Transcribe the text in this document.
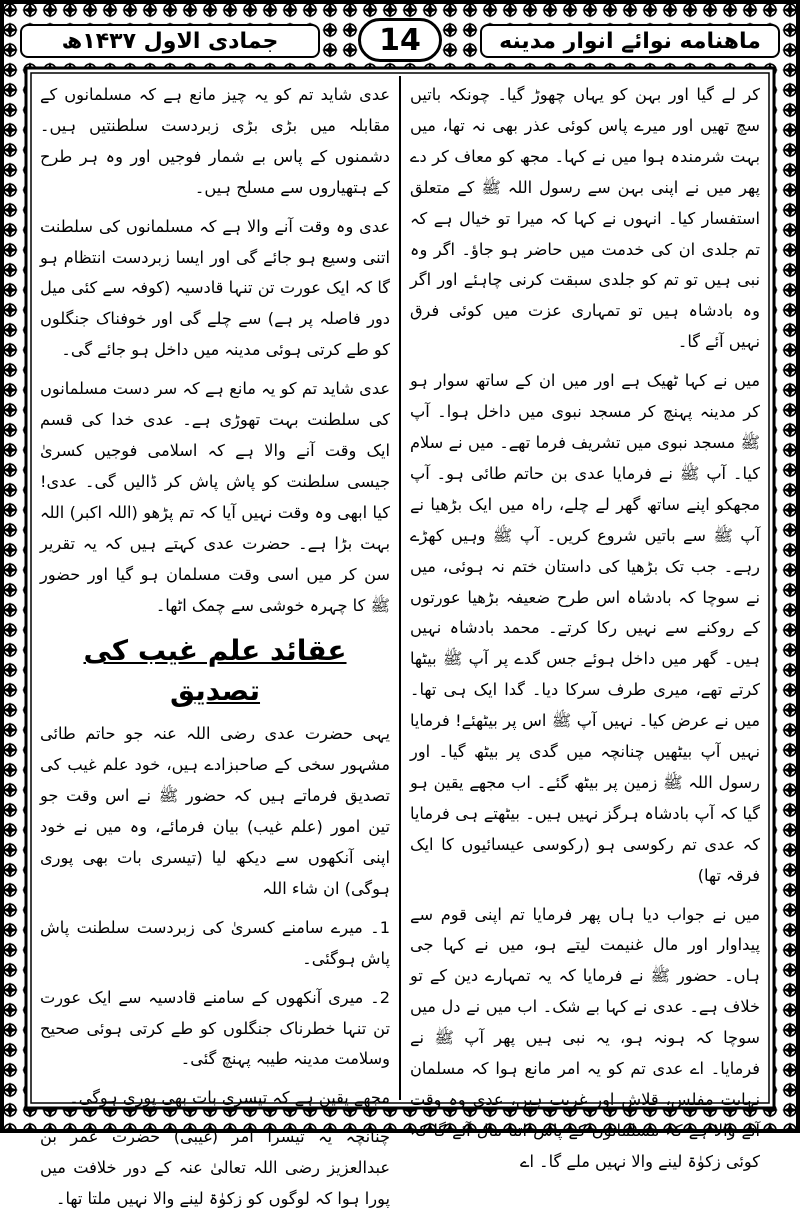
جمادی الاول ۱۴۳۷ھ	14	ماهنامه نوائے انوار مدینه

کر لے گیا اور بہن کو یہاں چھوڑ گیا۔ چونکہ باتیں سچ تھیں اور میرے پاس کوئی عذر بھی نہ تھا، میں بہت شرمندہ ہوا میں نے کہا۔ مجھ کو معاف کر دے پھر میں نے اپنی بہن سے رسول اللہ ﷺ کے متعلق استفسار کیا۔ انہوں نے کہا کہ میرا تو خیال ہے کہ تم جلدی ان کی خدمت میں حاضر ہو جاؤ۔ اگر وہ نبی ہیں تو تم کو جلدی سبقت کرنی چاہئے اور اگر وہ بادشاہ ہیں تو تمہاری عزت میں کوئی فرق نہیں آئے گا۔

میں نے کہا ٹھیک ہے اور میں ان کے ساتھ سوار ہو کر مدینہ پہنچ کر مسجد نبوی میں داخل ہوا۔ آپ ﷺ مسجد نبوی میں تشریف فرما تھے۔ میں نے سلام کیا۔ آپ ﷺ نے فرمایا عدی بن حاتم طائی ہو۔ آپ مجھکو اپنے ساتھ گھر لے چلے، راہ میں ایک بڑھیا نے آپ ﷺ سے باتیں شروع کریں۔ آپ ﷺ وہیں کھڑے رہے۔ جب تک بڑھیا کی داستان ختم نہ ہوئی، میں نے سوچا کہ بادشاہ اس طرح ضعیفہ بڑھیا عورتوں کے روکنے سے نہیں رکا کرتے۔ محمد بادشاہ نہیں ہیں۔ گھر میں داخل ہوئے جس گدے پر آپ ﷺ بیٹھا کرتے تھے، میری طرف سرکا دیا۔ گدا ایک ہی تھا۔ میں نے عرض کیا۔ نہیں آپ ﷺ اس پر بیٹھئے! فرمایا نہیں آپ بیٹھیں چنانچہ میں گدی پر بیٹھ گیا۔ اور رسول اللہ ﷺ زمین پر بیٹھ گئے۔ اب مجھے یقین ہو گیا کہ آپ بادشاہ ہرگز نہیں ہیں۔ بیٹھتے ہی فرمایا کہ عدی تم رکوسی ہو (رکوسی عیسائیوں کا ایک فرقہ تھا)

میں نے جواب دیا ہاں پھر فرمایا تم اپنی قوم سے پیداوار اور مال غنیمت لیتے ہو، میں نے کہا جی ہاں۔ حضور ﷺ نے فرمایا کہ یہ تمہارے دین کے تو خلاف ہے۔ عدی نے کہا بے شک۔ اب میں نے دل میں سوچا کہ ہونہ ہو، یہ نبی ہیں پھر آپ ﷺ نے فرمایا۔ اے عدی تم کو یہ امر مانع ہوا کہ مسلمان نہایت مفلس، قلاش اور غریب ہیں، عدی وہ وقت آنے والا ہے کہ مسلمانوں کے پاس اتنا مال آئے گا کہ کوئی زکوٰۃ لینے والا نہیں ملے گا۔ اے

عدی شاید تم کو یہ چیز مانع ہے کہ مسلمانوں کے مقابلہ میں بڑی بڑی زبردست سلطنتیں ہیں۔ دشمنوں کے پاس بے شمار فوجیں اور وہ ہر طرح کے ہتھیاروں سے مسلح ہیں۔

عدی وہ وقت آنے والا ہے کہ مسلمانوں کی سلطنت اتنی وسیع ہو جائے گی اور ایسا زبردست انتظام ہو گا کہ ایک عورت تن تنہا قادسیہ (کوفہ سے کئی میل دور فاصلہ پر ہے) سے چلے گی اور خوفناک جنگلوں کو طے کرتی ہوئی مدینہ میں داخل ہو جائے گی۔

عدی شاید تم کو یہ مانع ہے کہ سر دست مسلمانوں کی سلطنت بہت تھوڑی ہے۔ عدی خدا کی قسم ایک وقت آنے والا ہے کہ اسلامی فوجیں کسریٰ جیسی سلطنت کو پاش پاش کر ڈالیں گی۔ عدی! کیا ابھی وہ وقت نہیں آیا کہ تم پڑھو (اللہ اکبر) اللہ بہت بڑا ہے۔ حضرت عدی کہتے ہیں کہ یہ تقریر سن کر میں اسی وقت مسلمان ہو گیا اور حضور ﷺ کا چہرہ خوشی سے چمک اٹھا۔

عقائد علم غیب کی تصدیق

یہی حضرت عدی رضی اللہ عنہ جو حاتم طائی مشہور سخی کے صاحبزادے ہیں، خود علم غیب کی تصدیق فرماتے ہیں کہ حضور ﷺ نے اس وقت جو تین امور (علم غیب) بیان فرمائے، وہ میں نے خود اپنی آنکھوں سے دیکھ لیا (تیسری بات بھی پوری ہوگی) ان شاء اللہ

1۔ میرے سامنے کسریٰ کی زبردست سلطنت پاش پاش ہوگئی۔

2۔ میری آنکھوں کے سامنے قادسیہ سے ایک عورت تن تنہا خطرناک جنگلوں کو طے کرتی ہوئی صحیح وسلامت مدینہ طیبہ پہنچ گئی۔

مجھے یقین ہے کہ تیسری بات بھی پوری ہوگی۔

چنانچہ یہ تیسرا امر (غیبی) حضرت عمر بن عبدالعزیز رضی اللہ تعالیٰ عنہ کے دور خلافت میں پورا ہوا کہ لوگوں کو زکوٰۃ لینے والا نہیں ملتا تھا۔
